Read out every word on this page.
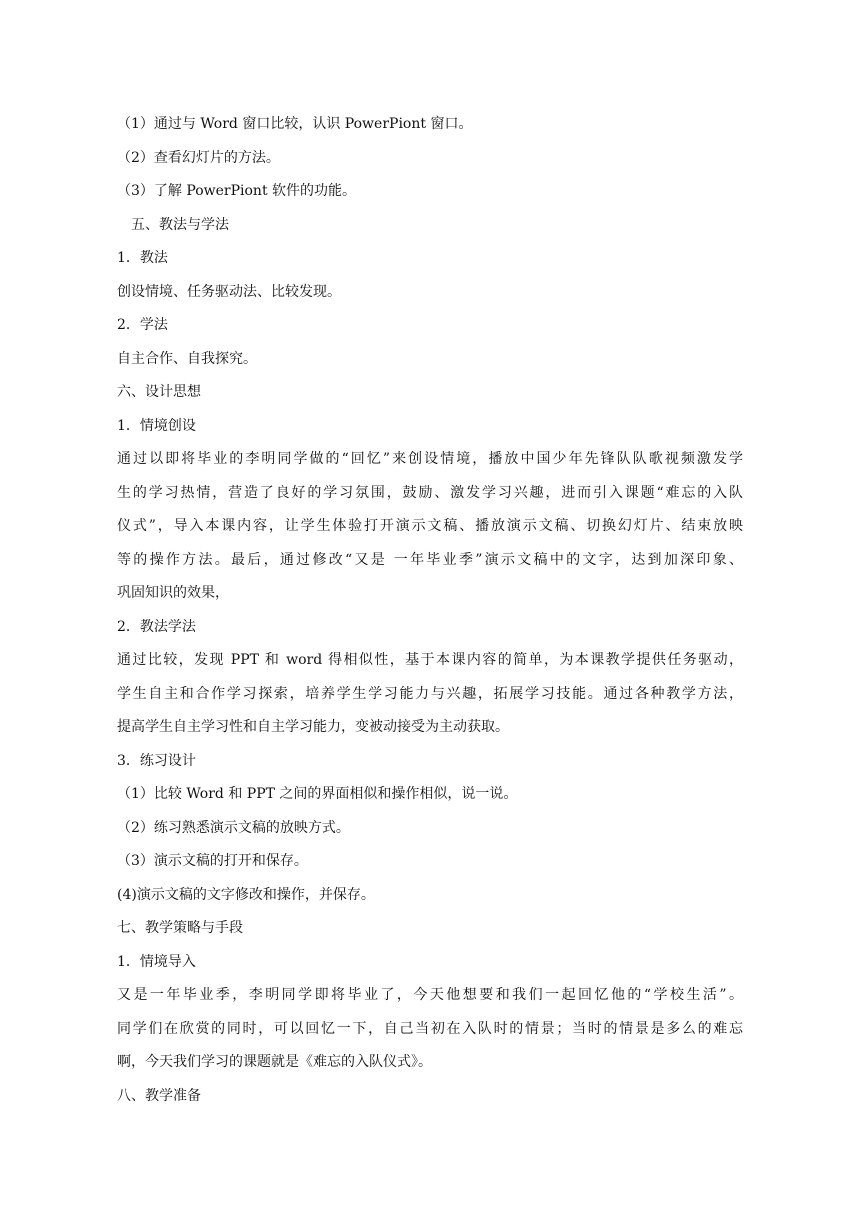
（1）通过与 Word 窗口比较，认识 PowerPiont 窗口。
（2）查看幻灯片的方法。
（3）了解 PowerPiont 软件的功能。
五、教法与学法
1．教法
创设情境、任务驱动法、比较发现。
2．学法
自主合作、自我探究。
六、设计思想
1．情境创设
通过以即将毕业的李明同学做的“回忆”来创设情境，播放中国少年先锋队队歌视频激发学
生的学习热情，营造了良好的学习氛围，鼓励、激发学习兴趣，进而引入课题“难忘的入队
仪式”，导入本课内容，让学生体验打开演示文稿、播放演示文稿、切换幻灯片、结束放映
等的操作方法。最后，通过修改“又是 一年毕业季”演示文稿中的文字，达到加深印象、
巩固知识的效果，
2．教法学法
通过比较，发现 PPT 和 word 得相似性，基于本课内容的简单，为本课教学提供任务驱动，
学生自主和合作学习探索，培养学生学习能力与兴趣，拓展学习技能。通过各种教学方法，
提高学生自主学习性和自主学习能力，变被动接受为主动获取。
3．练习设计
（1）比较 Word 和 PPT 之间的界面相似和操作相似，说一说。
（2）练习熟悉演示文稿的放映方式。
（3）演示文稿的打开和保存。
(4)演示文稿的文字修改和操作，并保存。
七、教学策略与手段
1．情境导入
又是一年毕业季，李明同学即将毕业了，今天他想要和我们一起回忆他的“学校生活”。
同学们在欣赏的同时，可以回忆一下，自己当初在入队时的情景；当时的情景是多么的难忘
啊，今天我们学习的课题就是《难忘的入队仪式》。
八、教学准备
